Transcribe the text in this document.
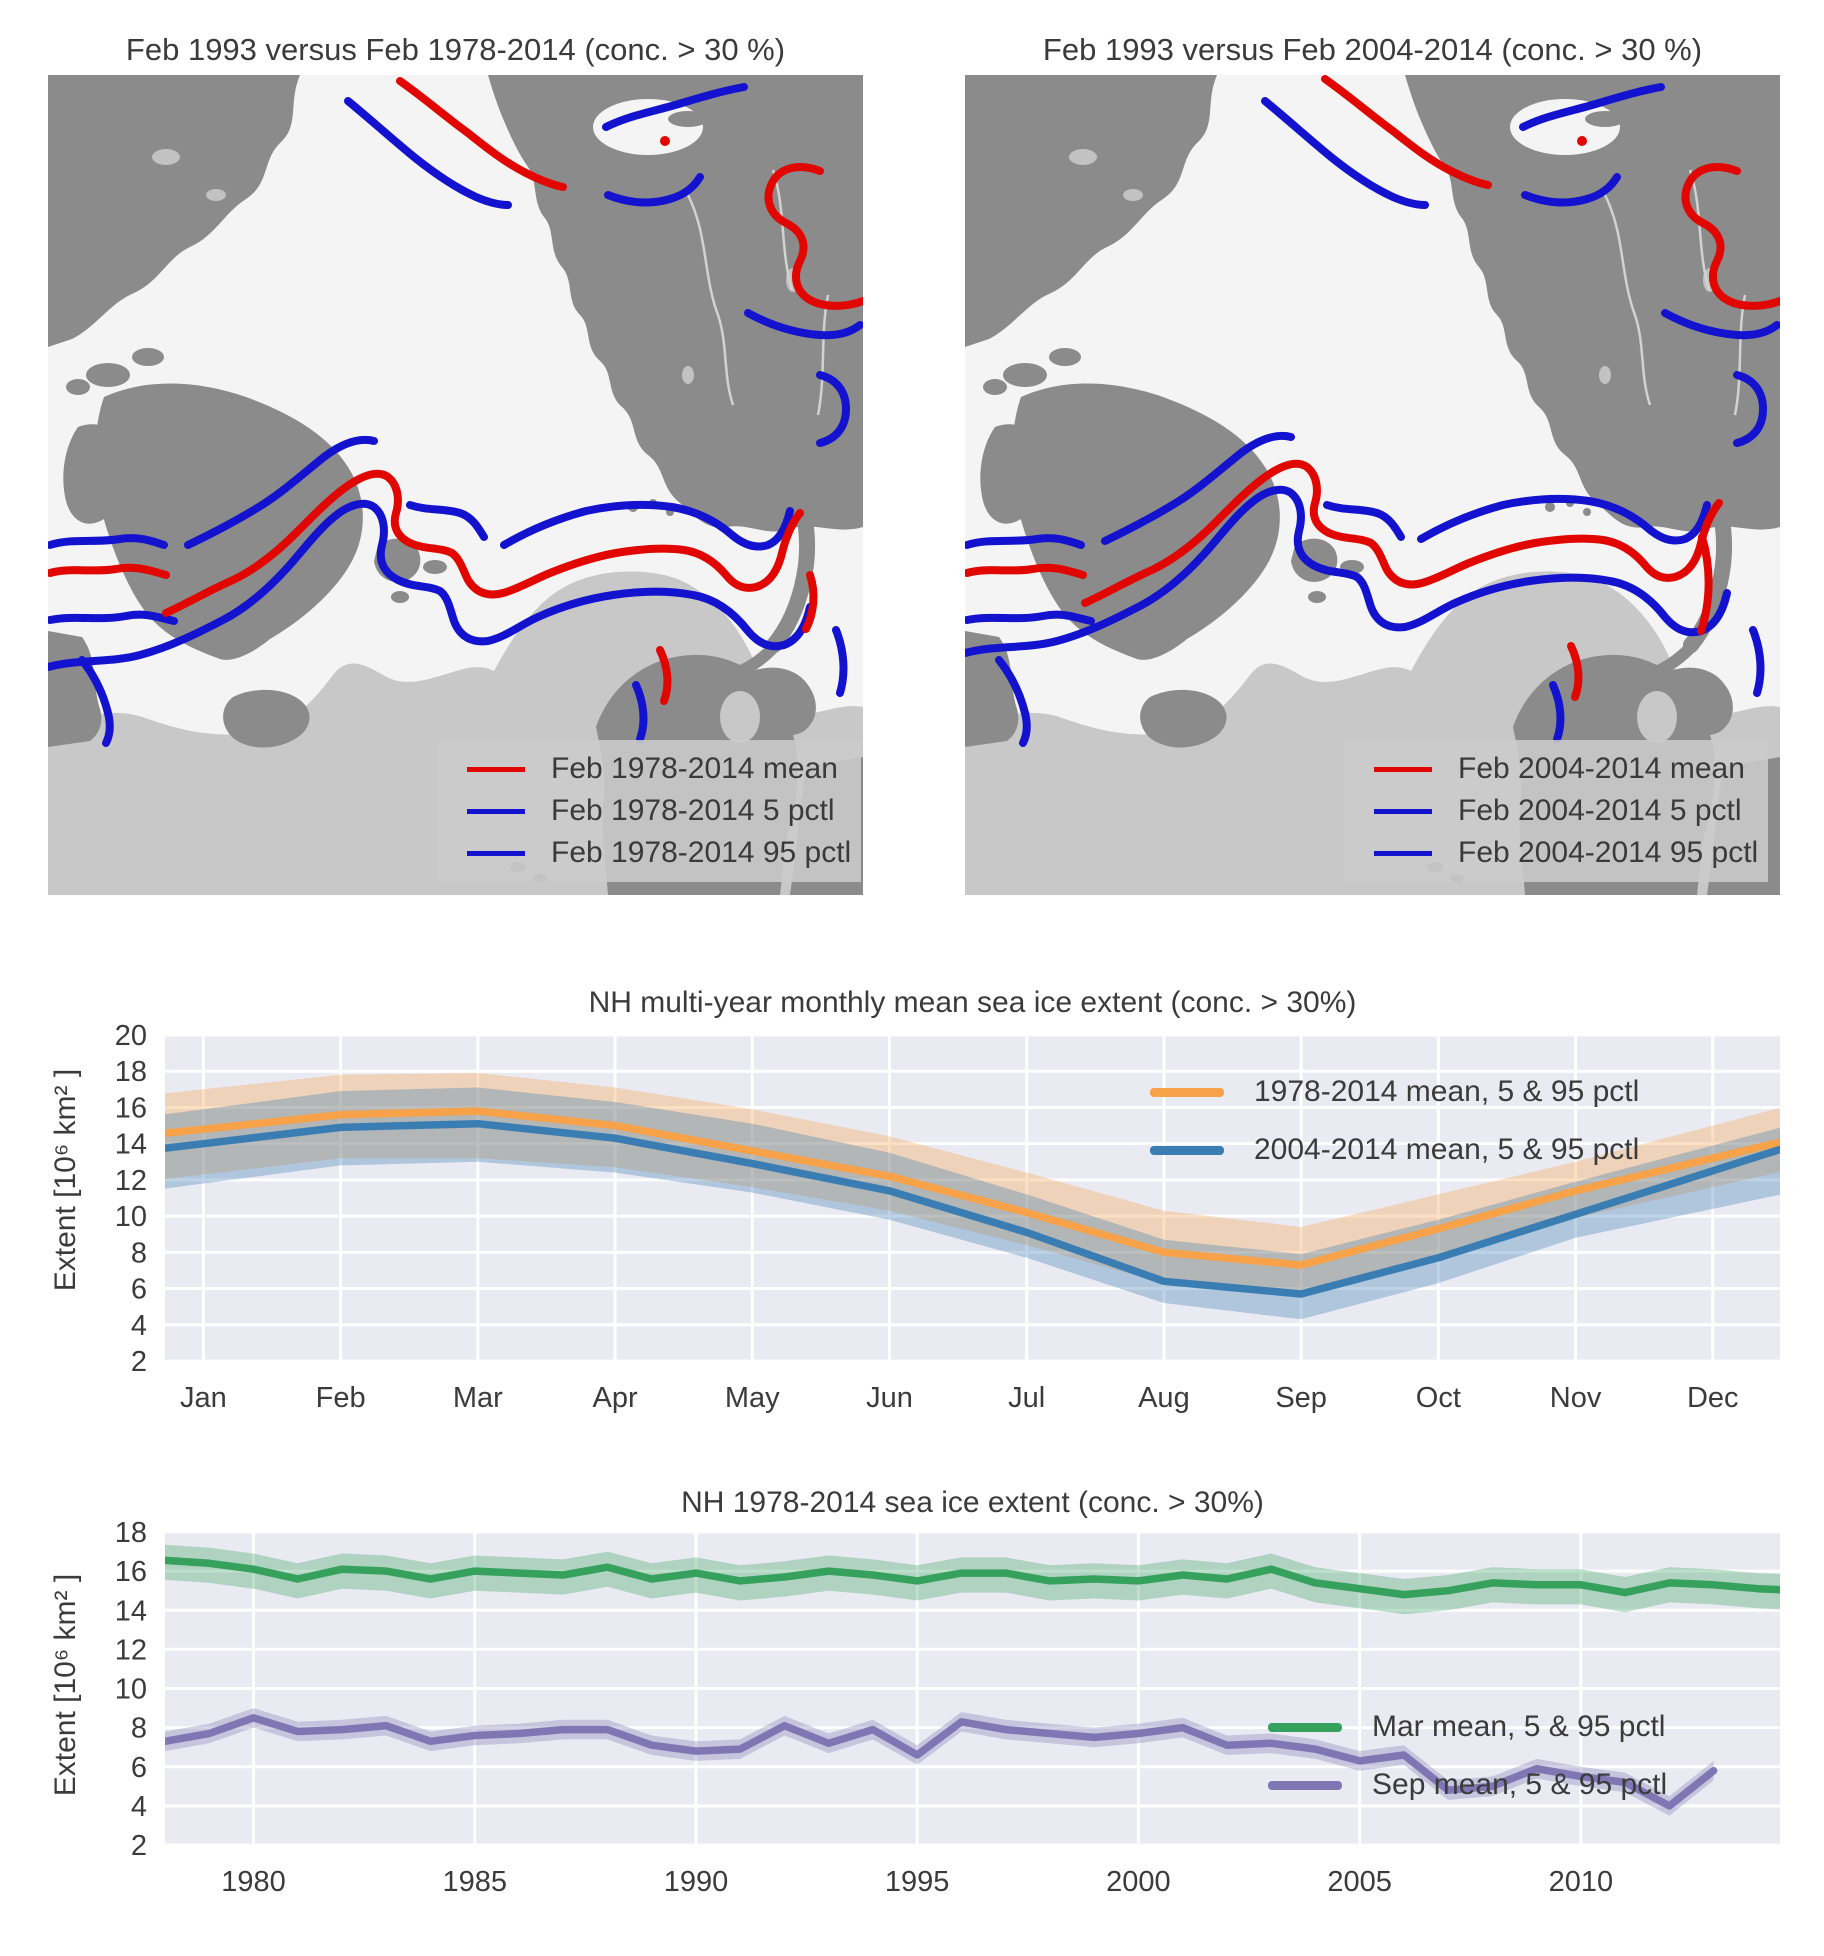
Feb 1993 versus Feb 1978-2014 (conc. > 30 %)	Feb 1993 versus Feb 2004-2014 (conc. > 30 %)
Feb 1978-2014 mean
Feb 1978-2014 5 pctl
Feb 1978-2014 95 pctl
Feb 2004-2014 mean
Feb 2004-2014 5 pctl
Feb 2004-2014 95 pctl
NH multi-year monthly mean sea ice extent (conc. > 30%)
Extent [10⁶ km² ]
2
4
6
8
10
12
14
16
18
20
Jan	Feb	Mar	Apr	May	Jun	Jul	Aug	Sep	Oct	Nov	Dec
1978-2014 mean, 5 & 95 pctl
2004-2014 mean, 5 & 95 pctl
NH 1978-2014 sea ice extent (conc. > 30%)
Extent [10⁶ km² ]
2
4
6
8
10
12
14
16
18
1980	1985	1990	1995	2000	2005	2010
Mar mean, 5 & 95 pctl
Sep mean, 5 & 95 pctl
